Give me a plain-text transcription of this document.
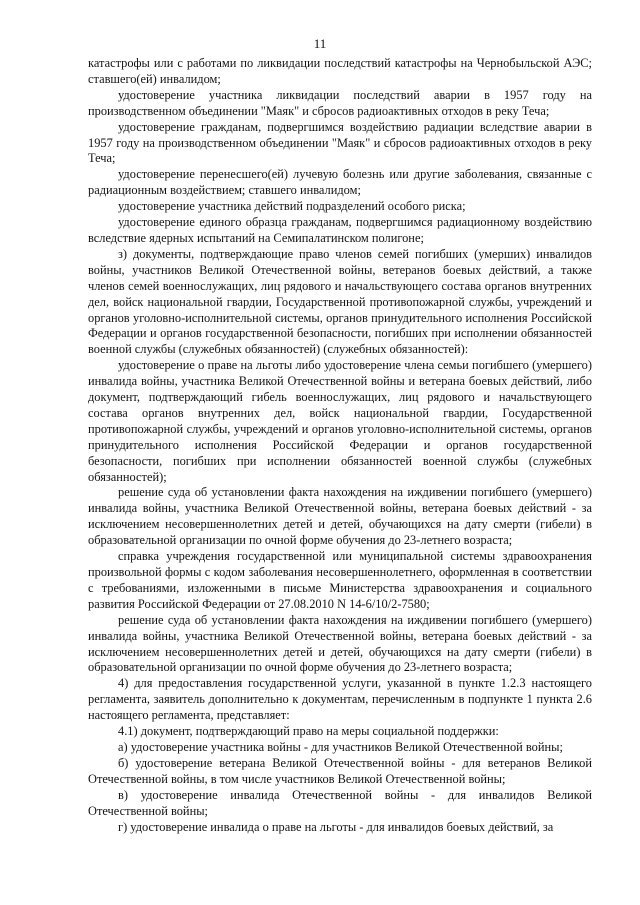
11

катастрофы или с работами по ликвидации последствий катастрофы на Чернобыльской АЭС; ставшего(ей) инвалидом;

удостоверение участника ликвидации последствий аварии в 1957 году на производственном объединении "Маяк" и сбросов радиоактивных отходов в реку Теча;

удостоверение гражданам, подвергшимся воздействию радиации вследствие аварии в 1957 году на производственном объединении "Маяк" и сбросов радиоактивных отходов в реку Теча;

удостоверение перенесшего(ей) лучевую болезнь или другие заболевания, связанные с радиационным воздействием; ставшего инвалидом;

удостоверение участника действий подразделений особого риска;

удостоверение единого образца гражданам, подвергшимся радиационному воздействию вследствие ядерных испытаний на Семипалатинском полигоне;

з) документы, подтверждающие право членов семей погибших (умерших) инвалидов войны, участников Великой Отечественной войны, ветеранов боевых действий, а также членов семей военнослужащих, лиц рядового и начальствующего состава органов внутренних дел, войск национальной гвардии, Государственной противопожарной службы, учреждений и органов уголовно-исполнительной системы, органов принудительного исполнения Российской Федерации и органов государственной безопасности, погибших при исполнении обязанностей военной службы (служебных обязанностей) (служебных обязанностей):

удостоверение о праве на льготы либо удостоверение члена семьи погибшего (умершего) инвалида войны, участника Великой Отечественной войны и ветерана боевых действий, либо документ, подтверждающий гибель военнослужащих, лиц рядового и начальствующего состава органов внутренних дел, войск национальной гвардии, Государственной противопожарной службы, учреждений и органов уголовно-исполнительной системы, органов принудительного исполнения Российской Федерации и органов государственной безопасности, погибших при исполнении обязанностей военной службы (служебных обязанностей);

решение суда об установлении факта нахождения на иждивении погибшего (умершего) инвалида войны, участника Великой Отечественной войны, ветерана боевых действий - за исключением несовершеннолетних детей и детей, обучающихся на дату смерти (гибели) в образовательной организации по очной форме обучения до 23-летнего возраста;

справка учреждения государственной или муниципальной системы здравоохранения произвольной формы с кодом заболевания несовершеннолетнего, оформленная в соответствии с требованиями, изложенными в письме Министерства здравоохранения и социального развития Российской Федерации от 27.08.2010 N 14-6/10/2-7580;

решение суда об установлении факта нахождения на иждивении погибшего (умершего) инвалида войны, участника Великой Отечественной войны, ветерана боевых действий - за исключением несовершеннолетних детей и детей, обучающихся на дату смерти (гибели) в образовательной организации по очной форме обучения до 23-летнего возраста;

4) для предоставления государственной услуги, указанной в пункте 1.2.3 настоящего регламента, заявитель дополнительно к документам, перечисленным в подпункте 1 пункта 2.6 настоящего регламента, представляет:

4.1) документ, подтверждающий право на меры социальной поддержки:

а) удостоверение участника войны - для участников Великой Отечественной войны;

б) удостоверение ветерана Великой Отечественной войны - для ветеранов Великой Отечественной войны, в том числе участников Великой Отечественной войны;

в) удостоверение инвалида Отечественной войны - для инвалидов Великой Отечественной войны;

г) удостоверение инвалида о праве на льготы - для инвалидов боевых действий, за
